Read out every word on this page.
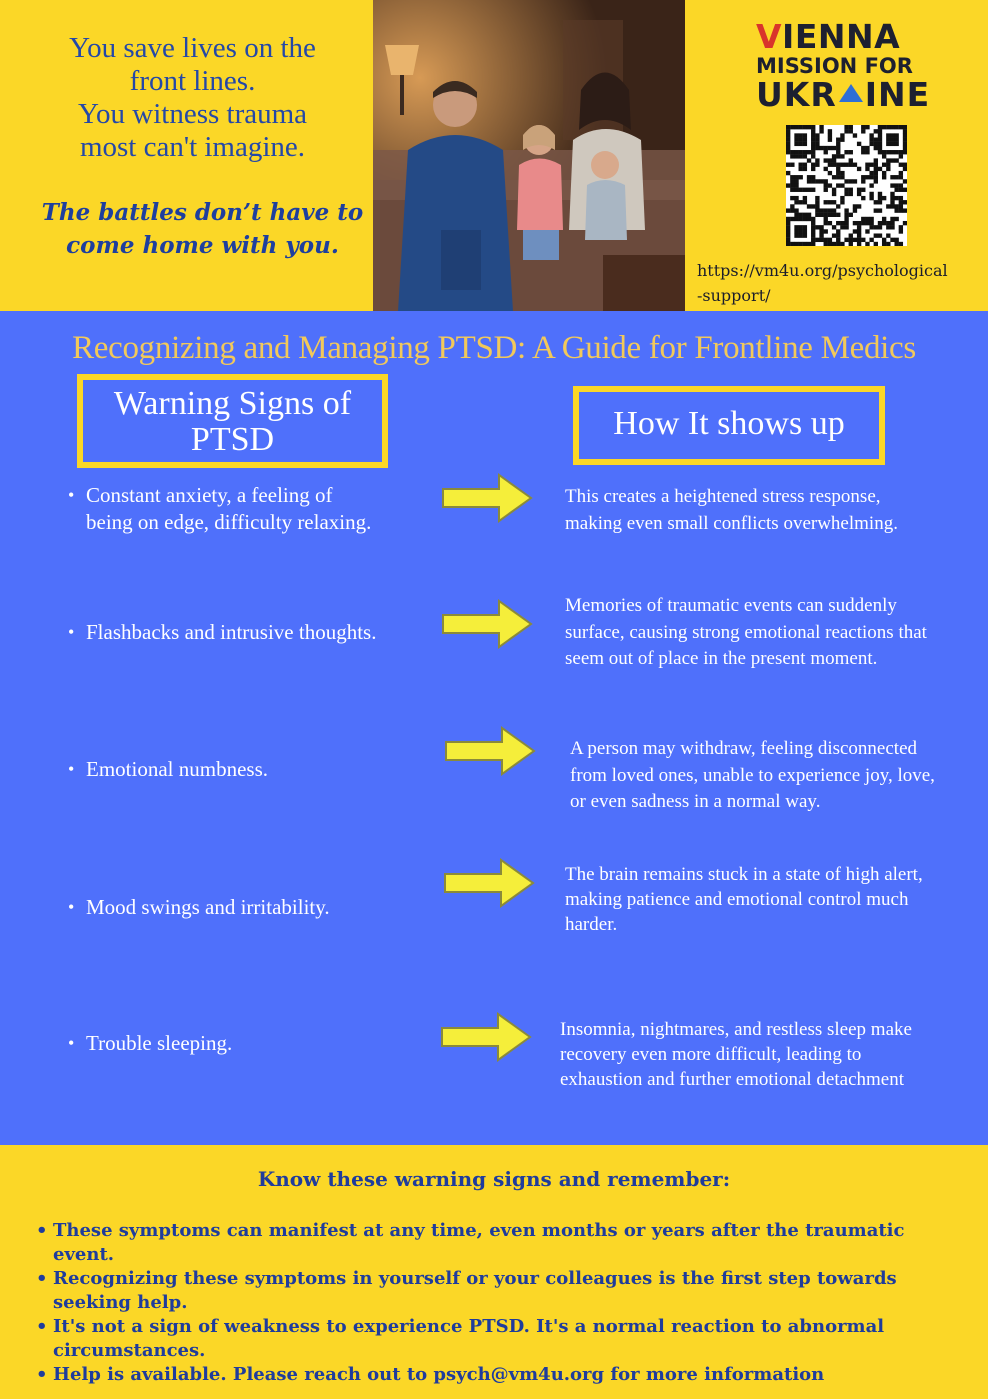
You save lives on the
front lines.
You witness trauma
most can't imagine.
The battles don’t have to
come home with you.
VIENNA
MISSION FOR
UKR INE
https://vm4u.org/psychological
-support/
Recognizing and Managing PTSD: A Guide for Frontline Medics
Warning Signs of
PTSD	How It shows up
• Constant anxiety, a feeling of
being on edge, difficulty relaxing.
This creates a heightened stress response,
making even small conflicts overwhelming.
• Flashbacks and intrusive thoughts.
Memories of traumatic events can suddenly
surface, causing strong emotional reactions that
seem out of place in the present moment.
• Emotional numbness.
A person may withdraw, feeling disconnected
from loved ones, unable to experience joy, love,
or even sadness in a normal way.
• Mood swings and irritability.
The brain remains stuck in a state of high alert,
making patience and emotional control much
harder.
• Trouble sleeping.
Insomnia, nightmares, and restless sleep make
recovery even more difficult, leading to
exhaustion and further emotional detachment
Know these warning signs and remember:
• These symptoms can manifest at any time, even months or years after the traumatic event.
• Recognizing these symptoms in yourself or your colleagues is the first step towards seeking help.
• It's not a sign of weakness to experience PTSD. It's a normal reaction to abnormal circumstances.
• Help is available. Please reach out to psych@vm4u.org for more information
